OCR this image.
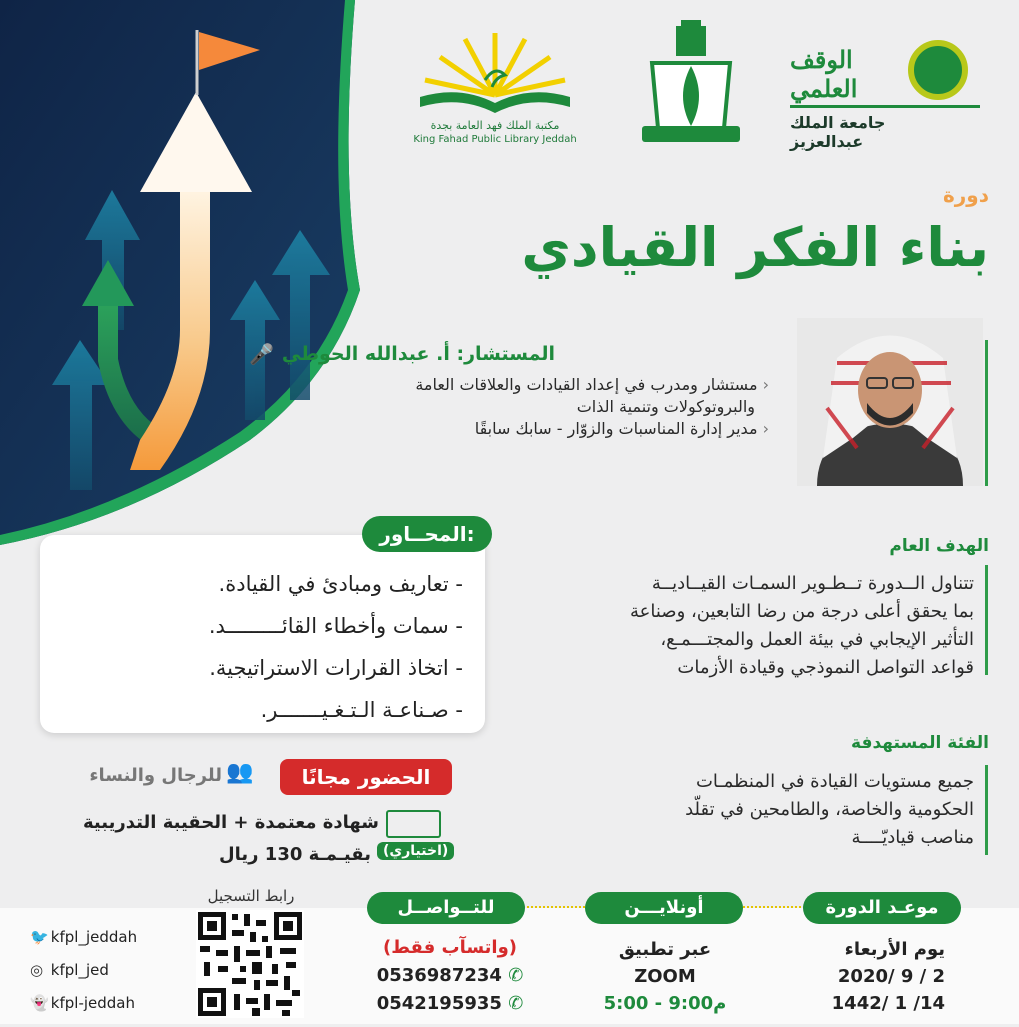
مكتبة الملك فهد العامة بجدة
King Fahad Public Library Jeddah
الوقف العلمي
جامعة الملك عبدالعزيز
دورة
بناء الفكر القيادي
🎤 المستشار: أ. عبدالله الحوطي
‹ مستشار ومدرب في إعداد القيادات والعلاقات العامة
والبروتوكولات وتنمية الذات
‹ مدير إدارة المناسبات والزوّار - سابك سابقًا
- تعاريف ومبادئ في القيادة.
- سمات وأخطاء القائـــــــــد.
- اتخاذ القرارات الاستراتيجية.
- صـناعـة الـتـغـيـــــــر.
المحــاور:	الهدف العام
تتناول الــدورة تــطـوير السمـات القيــاديــة
بما يحقق أعلى درجة من رضا التابعين، وصناعة
التأثير الإيجابي في بيئة العمل والمجتـــمـع،
قواعد التواصل النموذجي وقيادة الأزمات
الفئة المستهدفة
جميع مستويات القيادة في المنظمـات
الحكومية والخاصة، والطامحين في تقلّد
مناصب قياديّــــة
الحضور مجانًا
👥
للرجال والنساء
شهادة معتمدة + الحقيبة التدريبية
(اختياري)
بقيـمـة 130 ريال
موعـد الدورة
يوم الأربعاء
2020/ 9 / 2
1442/ 1 /14
أونلايـــن
عبر تطبيق
ZOOM
5:00 - 9:00م
للتــواصــل
(واتسآب فقط)
0536987234 ✆
0542195935 ✆
رابط التسجيل
🐦 kfpl_jeddah
◎ kfpl_jed
👻 kfpl-jeddah
